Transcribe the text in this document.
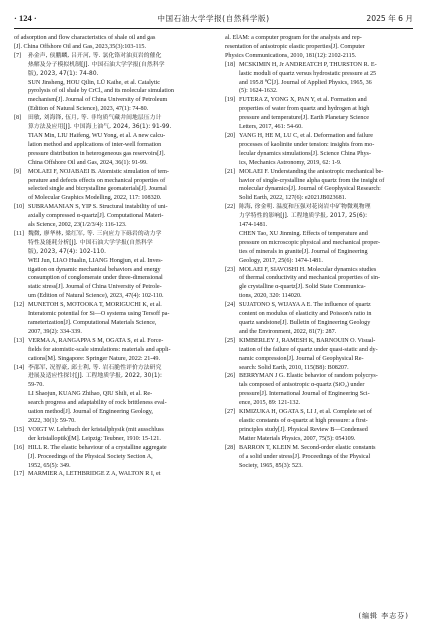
· 124 ·	中国石油大学学报(自然科学版)	2025 年 6 月
of adsorption and flow characteristics of shale oil and gas
[J]. China Offshore Oil and Gas, 2023,35(3):103-115.
[7] 孙金声, 侯鹏麟, 吕开河, 等. 氯化铬对油页岩的催化
热解及分子模拟机制[J]. 中国石油大学学报(自然科学
版), 2023, 47(1): 74-80.
SUN Jinsheng, HOU Qilin, LÜ Kaihe, et al. Catalytic
pyrolysis of oil shale by CrCl₃ and its molecular simulation
mechanism[J]. Journal of China University of Petroleum
(Edition of Natural Science), 2023, 47(1): 74-80.
[8] 田敏, 刘海锋, 伍月, 等. 非均质气藏井间地层压力计
算方法及应用[J]. 中国海上油气, 2024, 36(1): 91-99.
TIAN Min, LIU Haifeng, WU Yong, et al. A new calcu-
lation method and applications of inter-well formation
pressure distribution in heterogeneous gas reservoirs[J].
China Offshore Oil and Gas, 2024, 36(1): 91-99.
[9] MOLAEI F, NOJABAEI B. Atomistic simulation of tem-
perature and defects effects on mechanical properties of
selected single and bicrystalline geomaterials[J]. Journal
of Molecular Graphics Modelling, 2022, 117: 108320.
[10] SUBRAMANIAN S, YIP S. Structural instability of uni-
axially compressed α-quartz[J]. Computational Materi-
als Science, 2002, 23(1/2/3/4): 116-123.
[11] 魏微, 廖华林, 梁红军, 等. 三向应力下砾岩的动力学
特性及能耗分析[J]. 中国石油大学学报(自然科学
版), 2023, 47(4): 102-110.
WEI Jun, LIAO Hualin, LIANG Hongjun, et al. Inves-
tigation on dynamic mechanical behaviors and energy
consumption of conglomerate under three-dimensional
static stress[J]. Journal of China University of Petrole-
um (Edition of Natural Science), 2023, 47(4): 102-110.
[12] MUNETOH S, MOTOOKA T, MORIGUCHI K, et al.
Interatomic potential for Si—O systems using Tersoff pa-
rameterization[J]. Computational Materials Science,
2007, 39(2): 334-339.
[13] VERMA A, RANGAPPA S M, OGATA S, et al. Force-
fields for atomistic-scale simulations: materials and appli-
cations[M]. Singapore: Springer Nature, 2022: 21-49.
[14] 李邵军, 况智豪, 邱士利, 等. 岩石脆性评价方法研究
进展及适应性探讨[J]. 工程地质学报, 2022, 30(1):
59-70.
LI Shaojun, KUANG Zhihao, QIU Shili, et al. Re-
search progress and adaptability of rock brittleness eval-
uation method[J]. Journal of Engineering Geology,
2022, 30(1): 59-70.
[15] VOIGT W. Lehrbuch der kristallphysik (mit ausschluss
der kristalloptik)[M]. Leipzig: Teubner, 1910: 15-121.
[16] HILL R. The elastic behaviour of a crystalline aggregate
[J]. Proceedings of the Physical Society Section A,
1952, 65(5): 349.
[17] MARMIER A, LETHBRIDGE Z A, WALTON R I, et
al. ElAM: a computer program for the analysis and rep-
resentation of anisotropic elastic properties[J]. Computer
Physics Communications, 2010, 181(12): 2102-2115.
[18] MCSKIMIN H, Jr ANDREATCH P, THURSTON R. E-
lastic moduli of quartz versus hydrostatic pressure at 25
and 195.8 ℃[J]. Journal of Applied Physics, 1965, 36
(5): 1624-1632.
[19] FUTERA Z, YONG X, PAN Y, et al. Formation and
properties of water from quartz and hydrogen at high
pressure and temperature[J]. Earth Planetary Science
Letters, 2017, 461: 54-60.
[20] YANG H, HE M, LU C, et al. Deformation and failure
processes of kaolinite under tension: insights from mo-
lecular dynamics simulations[J]. Science China Phys-
ics, Mechanics Astronomy, 2019, 62: 1-9.
[21] MOLAEI F. Understanding the anisotropic mechanical be-
havior of single-crystalline alpha quartz from the insight of
molecular dynamics[J]. Journal of Geophysical Research:
Solid Earth, 2022, 127(6): e2021JB023681.
[22] 陈海, 徐金明. 温度和压强对花岗岩中矿物微观物理
力学特性的影响[J]. 工程地质学报, 2017, 25(6):
1474-1481.
CHEN Tao, XU Jinming. Effects of temperature and
pressure on microscopic physical and mechanical proper-
ties of minerals in granite[J]. Journal of Engineering
Geology, 2017, 25(6): 1474-1481.
[23] MOLAEI F, SIAVOSHI H. Molecular dynamics studies
of thermal conductivity and mechanical properties of sin-
gle crystalline α-quartz[J]. Solid State Communica-
tions, 2020, 320: 114020.
[24] SUJATONO S, WIJAYA A E. The influence of quartz
content on modulus of elasticity and Poisson's ratio in
quartz sandstone[J]. Bulletin of Engineering Geology
and the Environment, 2022, 81(7): 287.
[25] KIMBERLEY J, RAMESH K, BARNOUIN O. Visual-
ization of the failure of quartz under quasi-static and dy-
namic compression[J]. Journal of Geophysical Re-
search: Solid Earth, 2010, 115(B8): B08207.
[26] BERRYMAN J G. Elastic behavior of random polycrys-
tals composed of anisotropic α-quartz (SiO₂) under
pressure[J]. International Journal of Engineering Sci-
ence, 2015, 89: 121-132.
[27] KIMIZUKA H, OGATA S, LI J, et al. Complete set of
elastic constants of α-quartz at high pressure: a first-
principles study[J]. Physical Review B—Condensed
Matter Materials Physics, 2007, 75(5): 054109.
[28] BARRON T, KLEIN M. Second-order elastic constants
of a solid under stress[J]. Proceedings of the Physical
Society, 1965, 85(3): 523.
(编辑 李志芬)
